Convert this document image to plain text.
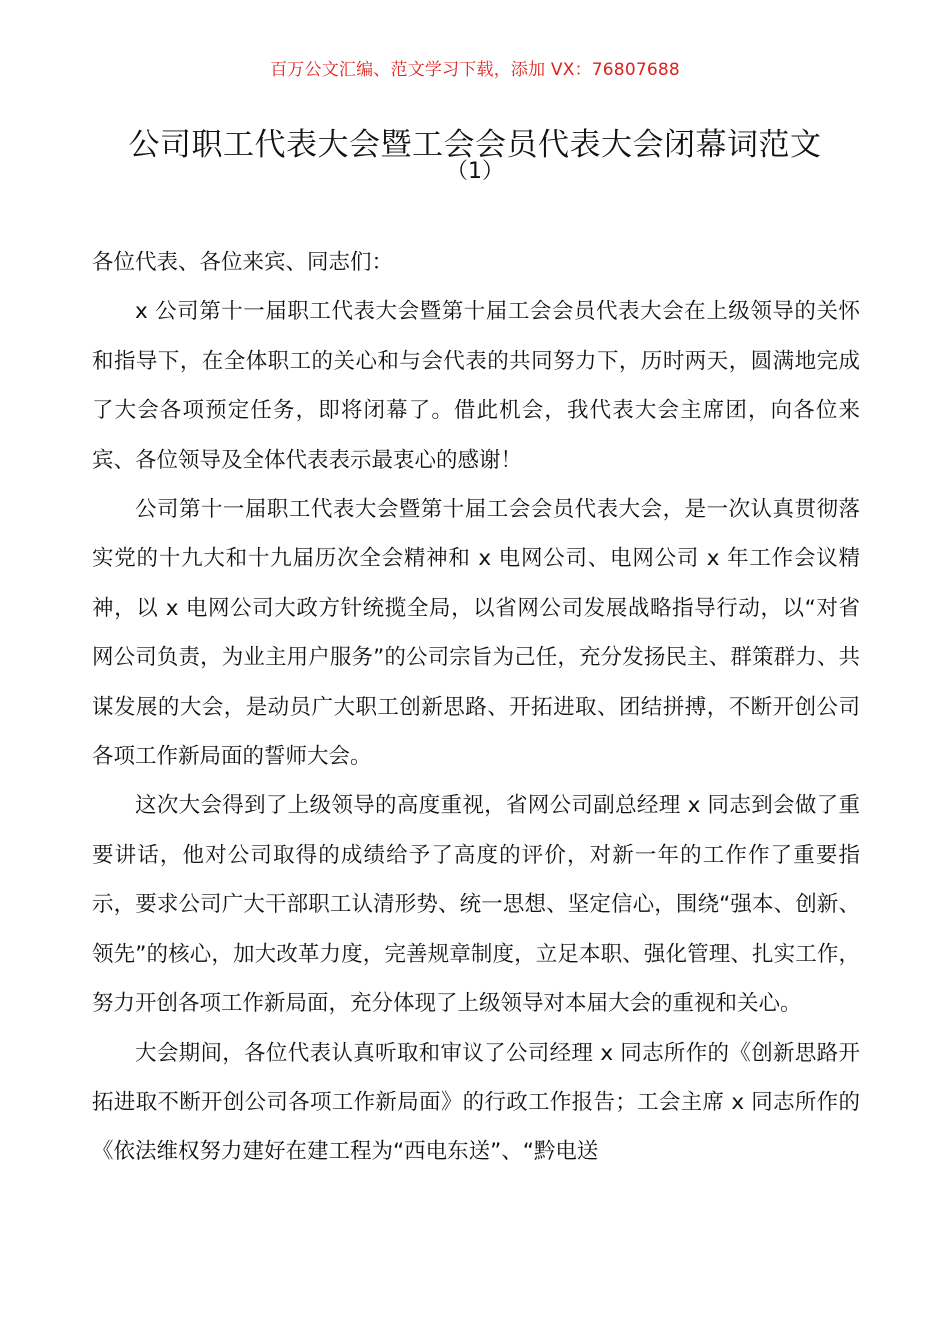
百万公文汇编、范文学习下载，添加 VX：76807688
公司职工代表大会暨工会会员代表大会闭幕词范文
（1）

各位代表、各位来宾、同志们：

x 公司第十一届职工代表大会暨第十届工会会员代表大会在上级领导的关怀和指导下，在全体职工的关心和与会代表的共同努力下，历时两天，圆满地完成了大会各项预定任务，即将闭幕了。借此机会，我代表大会主席团，向各位来宾、各位领导及全体代表表示最衷心的感谢！

公司第十一届职工代表大会暨第十届工会会员代表大会，是一次认真贯彻落实党的十九大和十九届历次全会精神和 x 电网公司、电网公司 x 年工作会议精神，以 x 电网公司大政方针统揽全局，以省网公司发展战略指导行动，以“对省网公司负责，为业主用户服务”的公司宗旨为己任，充分发扬民主、群策群力、共谋发展的大会，是动员广大职工创新思路、开拓进取、团结拼搏，不断开创公司各项工作新局面的誓师大会。

这次大会得到了上级领导的高度重视，省网公司副总经理 x 同志到会做了重要讲话，他对公司取得的成绩给予了高度的评价，对新一年的工作作了重要指示，要求公司广大干部职工认清形势、统一思想、坚定信心，围绕“强本、创新、领先”的核心，加大改革力度，完善规章制度，立足本职、强化管理、扎实工作，努力开创各项工作新局面，充分体现了上级领导对本届大会的重视和关心。

大会期间，各位代表认真听取和审议了公司经理 x 同志所作的《创新思路开拓进取不断开创公司各项工作新局面》的行政工作报告；工会主席 x 同志所作的《依法维权努力建好在建工程为“西电东送”、“黔电送
